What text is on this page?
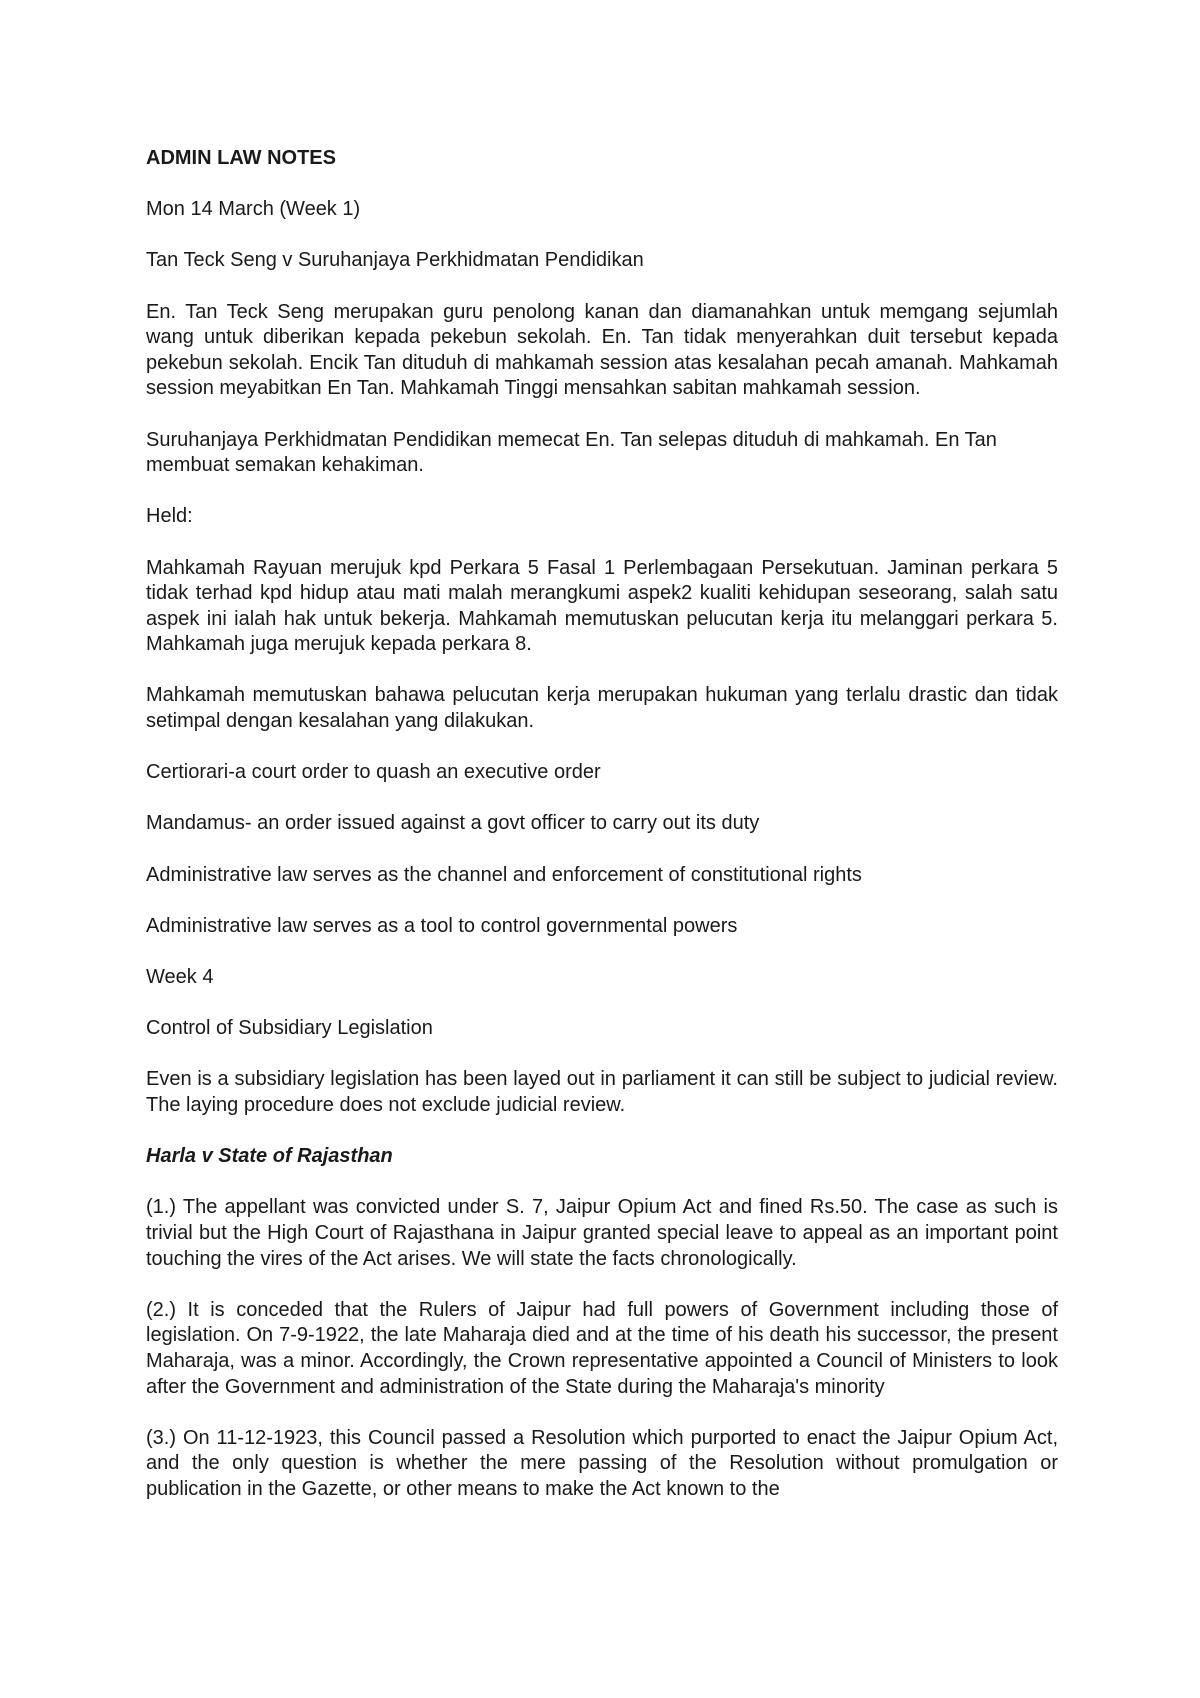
ADMIN LAW NOTES

Mon 14 March (Week 1)

Tan Teck Seng v Suruhanjaya Perkhidmatan Pendidikan

En. Tan Teck Seng merupakan guru penolong kanan dan diamanahkan untuk memgang sejumlah wang untuk diberikan kepada pekebun sekolah. En. Tan tidak menyerahkan duit tersebut kepada pekebun sekolah. Encik Tan dituduh di mahkamah session atas kesalahan pecah amanah. Mahkamah session meyabitkan En Tan. Mahkamah Tinggi mensahkan sabitan mahkamah session.

Suruhanjaya Perkhidmatan Pendidikan memecat En. Tan selepas dituduh di mahkamah. En Tan membuat semakan kehakiman.

Held:

Mahkamah Rayuan merujuk kpd Perkara 5 Fasal 1 Perlembagaan Persekutuan. Jaminan perkara 5 tidak terhad kpd hidup atau mati malah merangkumi aspek2 kualiti kehidupan seseorang, salah satu aspek ini ialah hak untuk bekerja. Mahkamah memutuskan pelucutan kerja itu melanggari perkara 5. Mahkamah juga merujuk kepada perkara 8.

Mahkamah memutuskan bahawa pelucutan kerja merupakan hukuman yang terlalu drastic dan tidak setimpal dengan kesalahan yang dilakukan.

Certiorari-a court order to quash an executive order

Mandamus- an order issued against a govt officer to carry out its duty

Administrative law serves as the channel and enforcement of constitutional rights

Administrative law serves as a tool to control governmental powers

Week 4

Control of Subsidiary Legislation

Even is a subsidiary legislation has been layed out in parliament it can still be subject to judicial review. The laying procedure does not exclude judicial review.

Harla v State of Rajasthan

(1.) The appellant was convicted under S. 7, Jaipur Opium Act and fined Rs.50. The case as such is trivial but the High Court of Rajasthana in Jaipur granted special leave to appeal as an important point touching the vires of the Act arises. We will state the facts chronologically.

(2.) It is conceded that the Rulers of Jaipur had full powers of Government including those of legislation. On 7-9-1922, the late Maharaja died and at the time of his death his successor, the present Maharaja, was a minor. Accordingly, the Crown representative appointed a Council of Ministers to look after the Government and administration of the State during the Maharaja's minority

(3.) On 11-12-1923, this Council passed a Resolution which purported to enact the Jaipur Opium Act, and the only question is whether the mere passing of the Resolution without promulgation or publication in the Gazette, or other means to make the Act known to the
